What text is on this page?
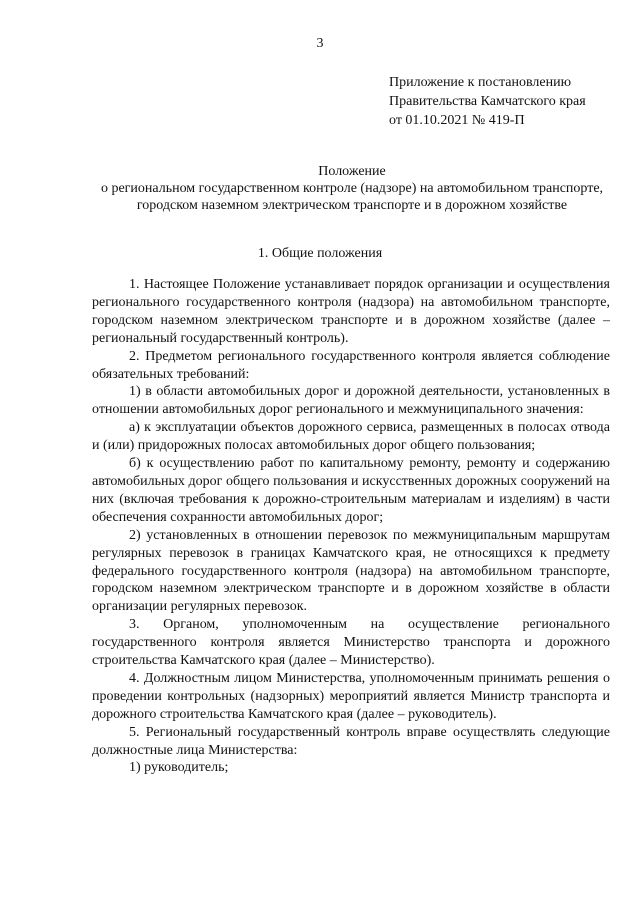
3
Приложение к постановлению
Правительства Камчатского края
от 01.10.2021 № 419-П
Положение
о региональном государственном контроле (надзоре) на автомобильном транспорте, городском наземном электрическом транспорте и в дорожном хозяйстве
1. Общие положения

1. Настоящее Положение устанавливает порядок организации и осуществления регионального государственного контроля (надзора) на автомобильном транспорте, городском наземном электрическом транспорте и в дорожном хозяйстве (далее – региональный государственный контроль).

2. Предметом регионального государственного контроля является соблюдение обязательных требований:

1) в области автомобильных дорог и дорожной деятельности, установленных в отношении автомобильных дорог регионального и межмуниципального значения:

а) к эксплуатации объектов дорожного сервиса, размещенных в полосах отвода и (или) придорожных полосах автомобильных дорог общего пользования;

б) к осуществлению работ по капитальному ремонту, ремонту и содержанию автомобильных дорог общего пользования и искусственных дорожных сооружений на них (включая требования к дорожно-строительным материалам и изделиям) в части обеспечения сохранности автомобильных дорог;

2) установленных в отношении перевозок по межмуниципальным маршрутам регулярных перевозок в границах Камчатского края, не относящихся к предмету федерального государственного контроля (надзора) на автомобильном транспорте, городском наземном электрическом транспорте и в дорожном хозяйстве в области организации регулярных перевозок.

3. Органом, уполномоченным на осуществление регионального государственного контроля является Министерство транспорта и дорожного строительства Камчатского края (далее – Министерство).

4. Должностным лицом Министерства, уполномоченным принимать решения о проведении контрольных (надзорных) мероприятий является Министр транспорта и дорожного строительства Камчатского края (далее – руководитель).

5. Региональный государственный контроль вправе осуществлять следующие должностные лица Министерства:

1) руководитель;
